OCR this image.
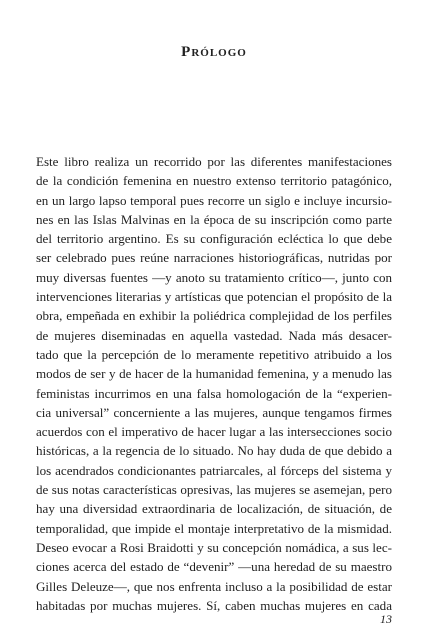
Prólogo
Este libro realiza un recorrido por las diferentes manifestaciones
de la condición femenina en nuestro extenso territorio patagónico,
en un largo lapso temporal pues recorre un siglo e incluye incursio-
nes en las Islas Malvinas en la época de su inscripción como parte
del territorio argentino. Es su configuración ecléctica lo que debe
ser celebrado pues reúne narraciones historiográficas, nutridas por
muy diversas fuentes —y anoto su tratamiento crítico—, junto con
intervenciones literarias y artísticas que potencian el propósito de la
obra, empeñada en exhibir la poliédrica complejidad de los perfiles
de mujeres diseminadas en aquella vastedad. Nada más desacer-
tado que la percepción de lo meramente repetitivo atribuido a los
modos de ser y de hacer de la humanidad femenina, y a menudo las
feministas incurrimos en una falsa homologación de la “experien-
cia universal” concerniente a las mujeres, aunque tengamos firmes
acuerdos con el imperativo de hacer lugar a las intersecciones socio
históricas, a la regencia de lo situado. No hay duda de que debido a
los acendrados condicionantes patriarcales, al fórceps del sistema y
de sus notas características opresivas, las mujeres se asemejan, pero
hay una diversidad extraordinaria de localización, de situación, de
temporalidad, que impide el montaje interpretativo de la mismidad.
Deseo evocar a Rosi Braidotti y su concepción nomádica, a sus lec-
ciones acerca del estado de “devenir” —una heredad de su maestro
Gilles Deleuze—, que nos enfrenta incluso a la posibilidad de estar
habitadas por muchas mujeres. Sí, caben muchas mujeres en cada
13
